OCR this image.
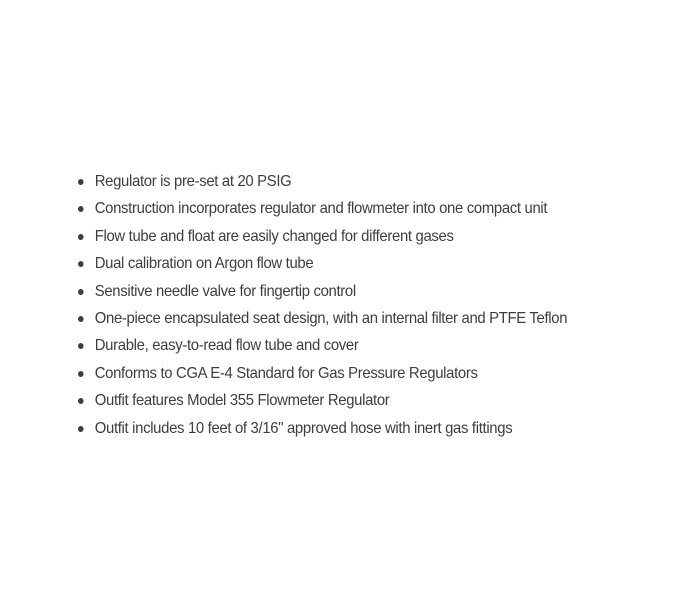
Regulator is pre-set at 20 PSIG
Construction incorporates regulator and flowmeter into one compact unit
Flow tube and float are easily changed for different gases
Dual calibration on Argon flow tube
Sensitive needle valve for fingertip control
One-piece encapsulated seat design, with an internal filter and PTFE Teflon
Durable, easy-to-read flow tube and cover
Conforms to CGA E-4 Standard for Gas Pressure Regulators
Outfit features Model 355 Flowmeter Regulator
Outfit includes 10 feet of 3/16" approved hose with inert gas fittings
